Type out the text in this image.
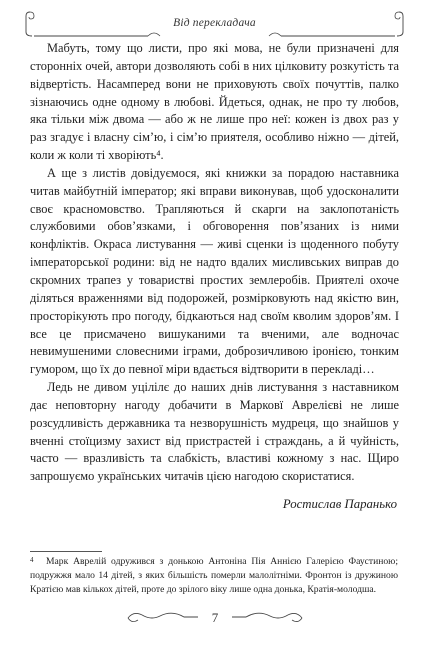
Від перекладача

Мабуть, тому що листи, про які мова, не були призначені для сторонніх очей, автори дозволяють собі в них цілковиту розкутість та відвертість. Насамперед вони не приховують своїх почуттів, палко зізнаючись одне одному в любові. Йдеться, однак, не про ту любов, яка тільки між двома — або ж не лише про неї: кожен із двох раз у раз згадує і власну сім’ю, і сім’ю приятеля, особливо ніжно — дітей, коли ж коли ті хворіють⁴.

А ще з листів довідуємося, які книжки за порадою наставника читав майбутній імператор; які вправи виконував, щоб удосконалити своє красномовство. Трапляються й скарги на заклопотаність службовими обов’язками, і обговорення пов’язаних із ними конфліктів. Окраса листування — живі сценки із щоденного побуту імператорської родини: від не надто вдалих мисливських виправ до скромних трапез у товаристві простих землеробів. Приятелі охоче діляться враженнями від подорожей, розмірковують над якістю вин, просторікують про погоду, бідкаються над своїм кволим здоров’ям. І все це присмачено вишуканими та вченими, але водночас невимушеними словесними іграми, доброзичливою іронією, тонким гумором, що їх до певної міри вдається відтворити в перекладі…

Ледь не дивом уцілілє до наших днів листування з наставником дає неповторну нагоду добачити в Марковї Аврелієві не лише розсудливість державника та незворушність мудреця, що знайшов у вченні стоїцизму захист від пристрастей і страждань, а й чуйність, часто — вразливість та слабкість, властиві кожному з нас. Щиро запрошуємо українських читачів цією нагодою скористатися.

Ростислав Паранько
4 Марк Аврелій одружився з донькою Антоніна Пія Аннією Галерією Фаустиною; подружжя мало 14 дітей, з яких більшість померли малолітніми. Фронтон із дружиною Кратією мав кількох дітей, проте до зрілого віку лише одна донька, Кратія-молодша.
7
